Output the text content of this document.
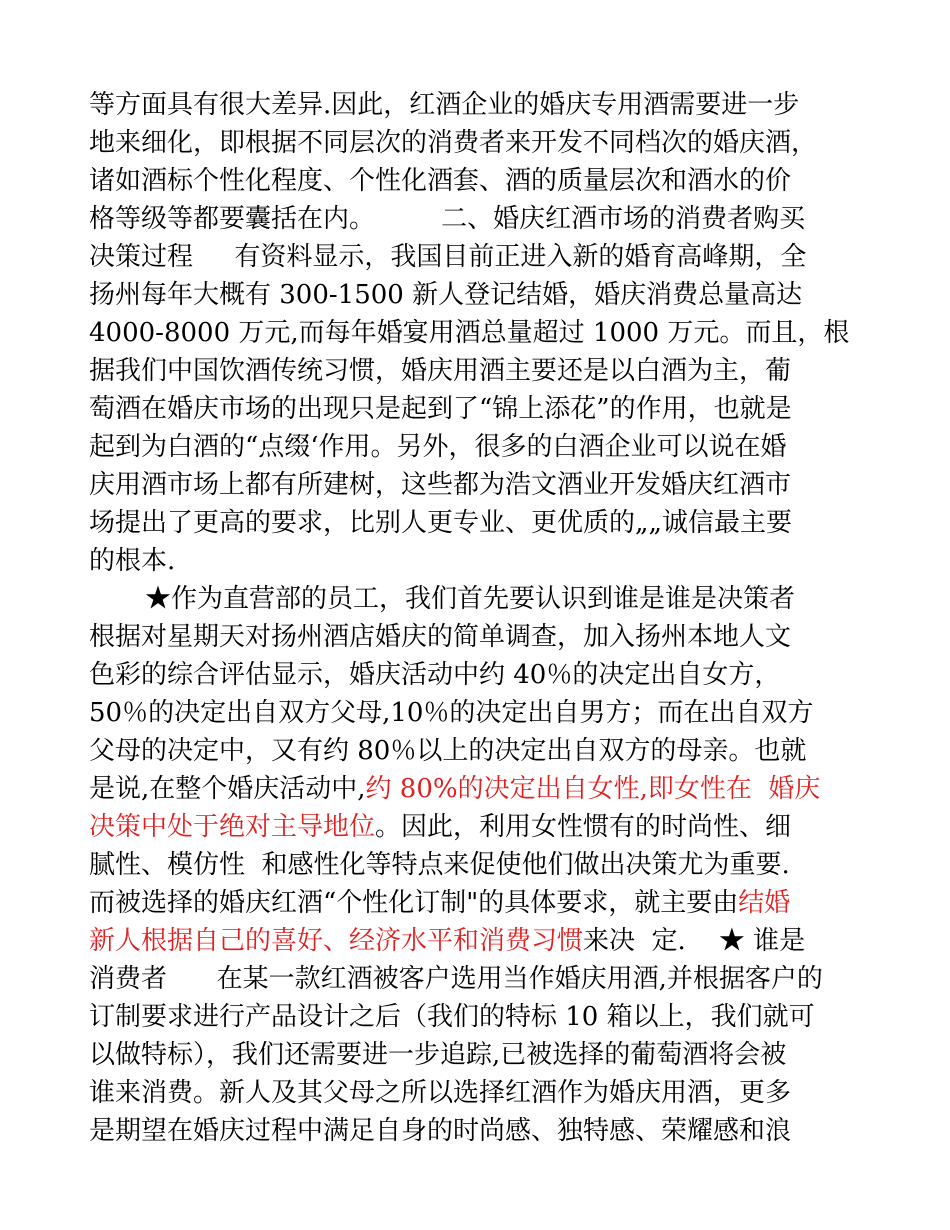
等方面具有很大差异.因此，红酒企业的婚庆专用酒需要进一步
地来细化，即根据不同层次的消费者来开发不同档次的婚庆酒，
诸如酒标个性化程度、个性化酒套、酒的质量层次和酒水的价
格等级等都要囊括在内。        二、婚庆红酒市场的消费者购买
决策过程     有资料显示，我国目前正进入新的婚育高峰期，全
扬州每年大概有 300-1500 新人登记结婚，婚庆消费总量高达
4000-8000 万元,而每年婚宴用酒总量超过 1000 万元。而且，根
据我们中国饮酒传统习惯，婚庆用酒主要还是以白酒为主，葡
萄酒在婚庆市场的出现只是起到了“锦上添花”的作用，也就是
起到为白酒的“点缀‘作用。另外，很多的白酒企业可以说在婚
庆用酒市场上都有所建树，这些都为浩文酒业开发婚庆红酒市
场提出了更高的要求，比别人更专业、更优质的„„诚信最主要
的根本.
★作为直营部的员工，我们首先要认识到谁是谁是决策者
根据对星期天对扬州酒店婚庆的简单调查，加入扬州本地人文
色彩的综合评估显示，婚庆活动中约 40％的决定出自女方，
50％的决定出自双方父母,10％的决定出自男方；而在出自双方
父母的决定中，又有约 80％以上的决定出自双方的母亲。也就
是说,在整个婚庆活动中,约 80%的决定出自女性,即女性在  婚庆
决策中处于绝对主导地位。因此，利用女性惯有的时尚性、细
腻性、模仿性  和感性化等特点来促使他们做出决策尤为重要.
而被选择的婚庆红酒“个性化订制"的具体要求，就主要由结婚
新人根据自己的喜好、经济水平和消费习惯来决  定.    ★ 谁是
消费者      在某一款红酒被客户选用当作婚庆用酒,并根据客户的
订制要求进行产品设计之后（我们的特标 10 箱以上，我们就可
以做特标），我们还需要进一步追踪,已被选择的葡萄酒将会被
谁来消费。新人及其父母之所以选择红酒作为婚庆用酒，更多
是期望在婚庆过程中满足自身的时尚感、独特感、荣耀感和浪
